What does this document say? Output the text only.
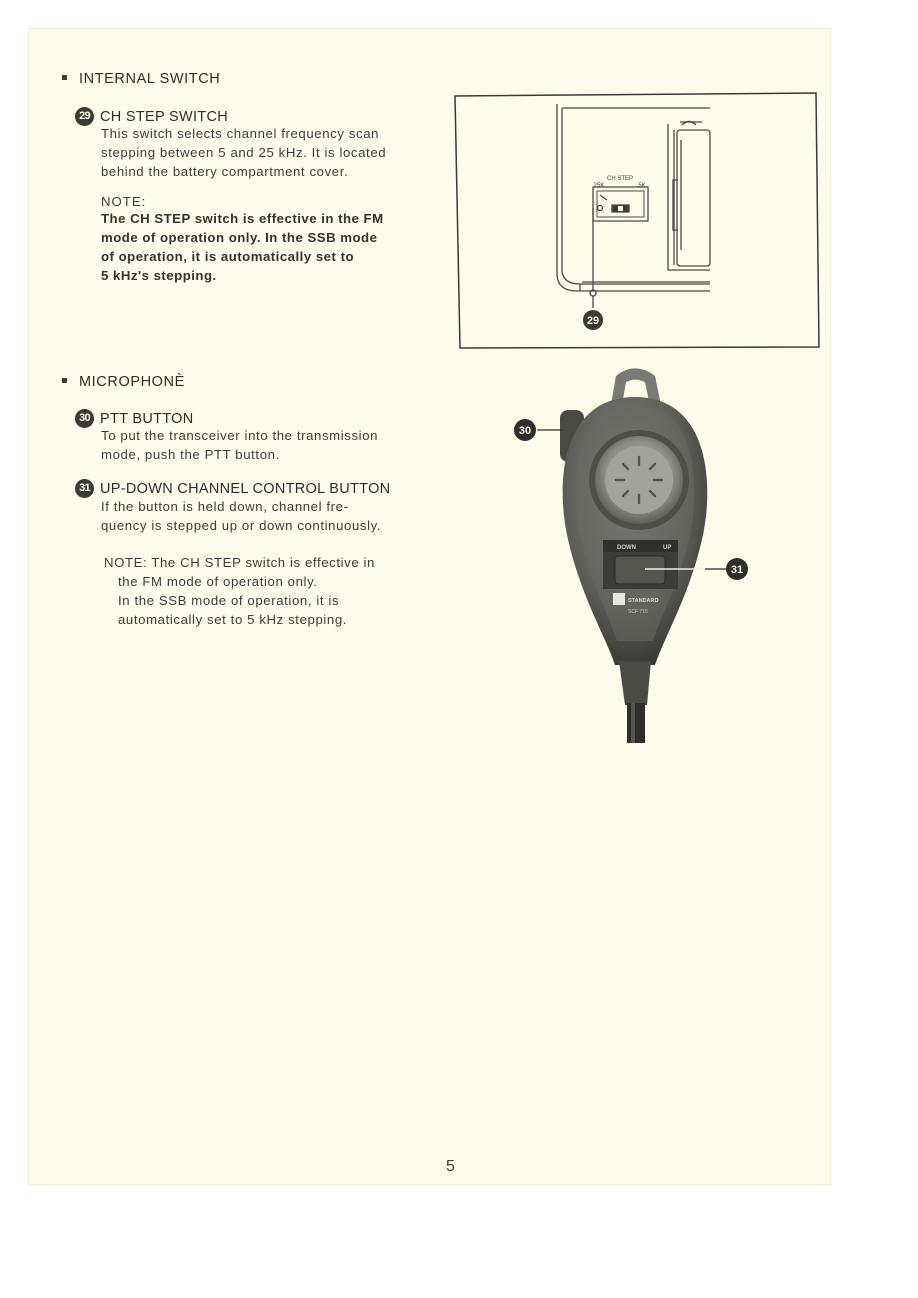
INTERNAL SWITCH
29 CH STEP SWITCH
This switch selects channel frequency scan
stepping between 5 and 25 kHz. It is located
behind the battery compartment cover.
NOTE:
The CH STEP switch is effective in the FM
mode of operation only. In the SSB mode
of operation, it is automatically set to
5 kHz's stepping.
CH STEP
25K	5K
29
MICROPHONÈ
30 PTT BUTTON
To put the transceiver into the transmission
mode, push the PTT button.
31 UP-DOWN CHANNEL CONTROL BUTTON
If the button is held down, channel fre-
quency is stepped up or down continuously.
NOTE: The CH STEP switch is effective in
the FM mode of operation only.
In the SSB mode of operation, it is
automatically set to 5 kHz stepping.
DOWN	UP
STANDARD
SCF 715
30
31
5
